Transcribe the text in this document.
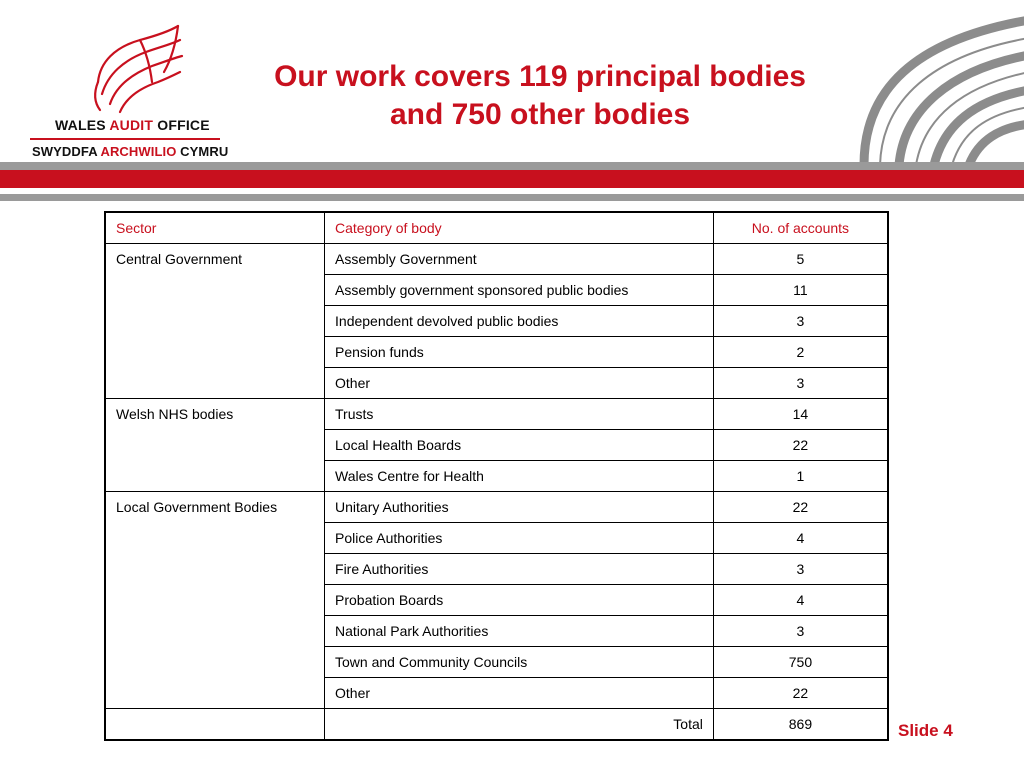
WALES AUDIT OFFICE
SWYDDFA ARCHWILIO CYMRU
Our work covers 119 principal bodies
and 750 other bodies
Sector	Category of body	No. of accounts
Central Government	Assembly Government	5
	Assembly government sponsored public bodies	11
	Independent devolved public bodies	3
	Pension funds	2
	Other	3
Welsh NHS bodies	Trusts	14
	Local Health Boards	22
	Wales Centre for Health	1
Local Government Bodies	Unitary Authorities	22
	Police Authorities	4
	Fire Authorities	3
	Probation Boards	4
	National Park Authorities	3
	Town and Community Councils	750
	Other	22
	Total	869	Slide 4
